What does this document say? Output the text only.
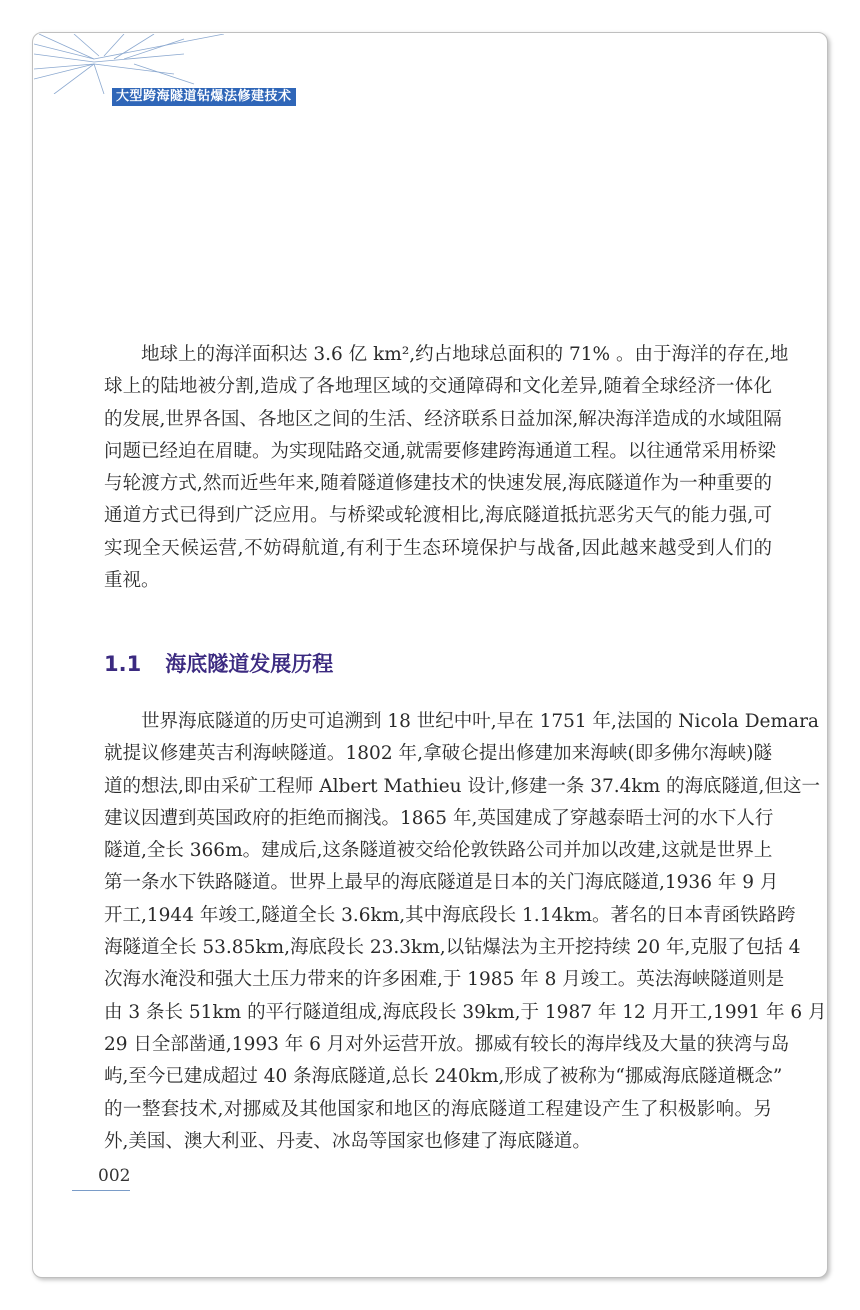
大型跨海隧道钻爆法修建技术
地球上的海洋面积达 3.6 亿 km²,约占地球总面积的 71% 。由于海洋的存在,地
球上的陆地被分割,造成了各地理区域的交通障碍和文化差异,随着全球经济一体化
的发展,世界各国、各地区之间的生活、经济联系日益加深,解决海洋造成的水域阻隔
问题已经迫在眉睫。为实现陆路交通,就需要修建跨海通道工程。以往通常采用桥梁
与轮渡方式,然而近些年来,随着隧道修建技术的快速发展,海底隧道作为一种重要的
通道方式已得到广泛应用。与桥梁或轮渡相比,海底隧道抵抗恶劣天气的能力强,可
实现全天候运营,不妨碍航道,有利于生态环境保护与战备,因此越来越受到人们的
重视。
1.1 海底隧道发展历程
世界海底隧道的历史可追溯到 18 世纪中叶,早在 1751 年,法国的 Nicola Demara
就提议修建英吉利海峡隧道。1802 年,拿破仑提出修建加来海峡(即多佛尔海峡)隧
道的想法,即由采矿工程师 Albert Mathieu 设计,修建一条 37.4km 的海底隧道,但这一
建议因遭到英国政府的拒绝而搁浅。1865 年,英国建成了穿越泰晤士河的水下人行
隧道,全长 366m。建成后,这条隧道被交给伦敦铁路公司并加以改建,这就是世界上
第一条水下铁路隧道。世界上最早的海底隧道是日本的关门海底隧道,1936 年 9 月
开工,1944 年竣工,隧道全长 3.6km,其中海底段长 1.14km。著名的日本青函铁路跨
海隧道全长 53.85km,海底段长 23.3km,以钻爆法为主开挖持续 20 年,克服了包括 4
次海水淹没和强大土压力带来的许多困难,于 1985 年 8 月竣工。英法海峡隧道则是
由 3 条长 51km 的平行隧道组成,海底段长 39km,于 1987 年 12 月开工,1991 年 6 月
29 日全部凿通,1993 年 6 月对外运营开放。挪威有较长的海岸线及大量的狭湾与岛
屿,至今已建成超过 40 条海底隧道,总长 240km,形成了被称为“挪威海底隧道概念”
的一整套技术,对挪威及其他国家和地区的海底隧道工程建设产生了积极影响。另
外,美国、澳大利亚、丹麦、冰岛等国家也修建了海底隧道。
002
